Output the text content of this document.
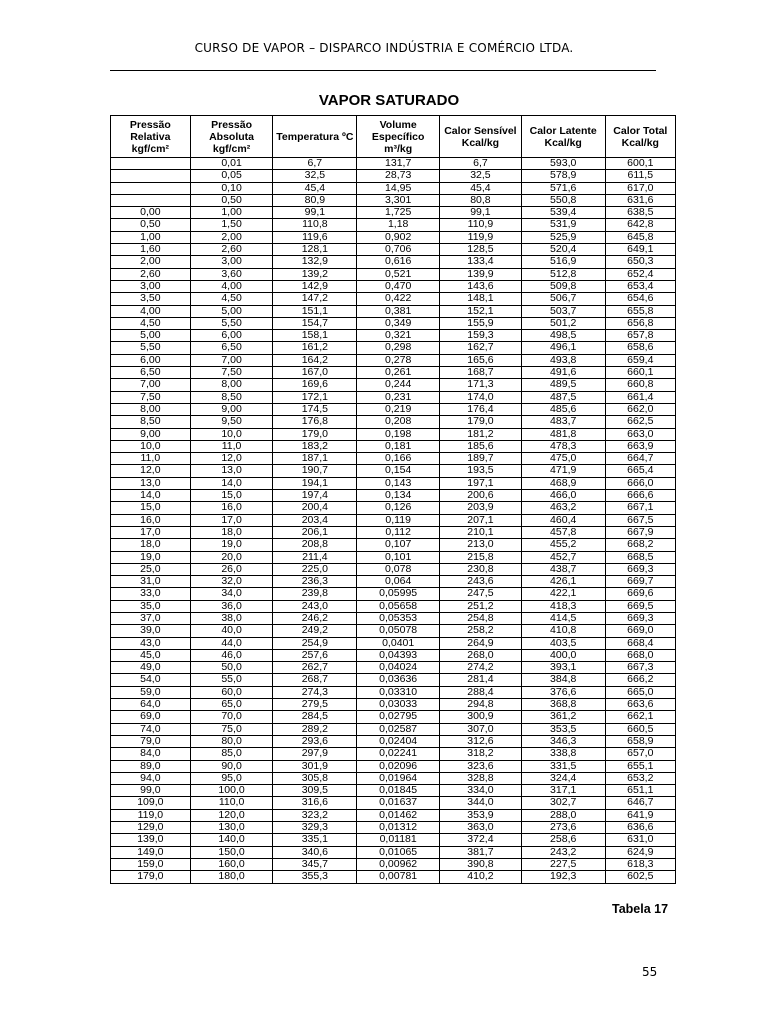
CURSO DE VAPOR – DISPARCO INDÚSTRIA E COMÉRCIO LTDA.
VAPOR SATURADO
Pressão Relativa kgf/cm²	Pressão Absoluta kgf/cm²	Temperatura ºC	Volume Específico m³/kg	Calor Sensível Kcal/kg	Calor Latente Kcal/kg	Calor Total Kcal/kg
	0,01	6,7	131,7	6,7	593,0	600,1
	0,05	32,5	28,73	32,5	578,9	611,5
	0,10	45,4	14,95	45,4	571,6	617,0
	0,50	80,9	3,301	80,8	550,8	631,6
0,00	1,00	99,1	1,725	99,1	539,4	638,5
0,50	1,50	110,8	1,18	110,9	531,9	642,8
1,00	2,00	119,6	0,902	119,9	525,9	645,8
1,60	2,60	128,1	0,706	128,5	520,4	649,1
2,00	3,00	132,9	0,616	133,4	516,9	650,3
2,60	3,60	139,2	0,521	139,9	512,8	652,4
3,00	4,00	142,9	0,470	143,6	509,8	653,4
3,50	4,50	147,2	0,422	148,1	506,7	654,6
4,00	5,00	151,1	0,381	152,1	503,7	655,8
4,50	5,50	154,7	0,349	155,9	501,2	656,8
5,00	6,00	158,1	0,321	159,3	498,5	657,8
5,50	6,50	161,2	0,298	162,7	496,1	658,6
6,00	7,00	164,2	0,278	165,6	493,8	659,4
6,50	7,50	167,0	0,261	168,7	491,6	660,1
7,00	8,00	169,6	0,244	171,3	489,5	660,8
7,50	8,50	172,1	0,231	174,0	487,5	661,4
8,00	9,00	174,5	0,219	176,4	485,6	662,0
8,50	9,50	176,8	0,208	179,0	483,7	662,5
9,00	10,0	179,0	0,198	181,2	481,8	663,0
10,0	11,0	183,2	0,181	185,6	478,3	663,9
11,0	12,0	187,1	0,166	189,7	475,0	664,7
12,0	13,0	190,7	0,154	193,5	471,9	665,4
13,0	14,0	194,1	0,143	197,1	468,9	666,0
14,0	15,0	197,4	0,134	200,6	466,0	666,6
15,0	16,0	200,4	0,126	203,9	463,2	667,1
16,0	17,0	203,4	0,119	207,1	460,4	667,5
17,0	18,0	206,1	0,112	210,1	457,8	667,9
18,0	19,0	208,8	0,107	213,0	455,2	668,2
19,0	20,0	211,4	0,101	215,8	452,7	668,5
25,0	26,0	225,0	0,078	230,8	438,7	669,3
31,0	32,0	236,3	0,064	243,6	426,1	669,7
33,0	34,0	239,8	0,05995	247,5	422,1	669,6
35,0	36,0	243,0	0,05658	251,2	418,3	669,5
37,0	38,0	246,2	0,05353	254,8	414,5	669,3
39,0	40,0	249,2	0,05078	258,2	410,8	669,0
43,0	44,0	254,9	0,0401	264,9	403,5	668,4
45,0	46,0	257,6	0,04393	268,0	400,0	668,0
49,0	50,0	262,7	0,04024	274,2	393,1	667,3
54,0	55,0	268,7	0,03636	281,4	384,8	666,2
59,0	60,0	274,3	0,03310	288,4	376,6	665,0
64,0	65,0	279,5	0,03033	294,8	368,8	663,6
69,0	70,0	284,5	0,02795	300,9	361,2	662,1
74,0	75,0	289,2	0,02587	307,0	353,5	660,5
79,0	80,0	293,6	0,02404	312,6	346,3	658,9
84,0	85,0	297,9	0,02241	318,2	338,8	657,0
89,0	90,0	301,9	0,02096	323,6	331,5	655,1
94,0	95,0	305,8	0,01964	328,8	324,4	653,2
99,0	100,0	309,5	0,01845	334,0	317,1	651,1
109,0	110,0	316,6	0,01637	344,0	302,7	646,7
119,0	120,0	323,2	0,01462	353,9	288,0	641,9
129,0	130,0	329,3	0,01312	363,0	273,6	636,6
139,0	140,0	335,1	0,01181	372,4	258,6	631,0
149,0	150,0	340,6	0,01065	381,7	243,2	624,9
159,0	160,0	345,7	0,00962	390,8	227,5	618,3
179,0	180,0	355,3	0,00781	410,2	192,3	602,5
Tabela 17
55
